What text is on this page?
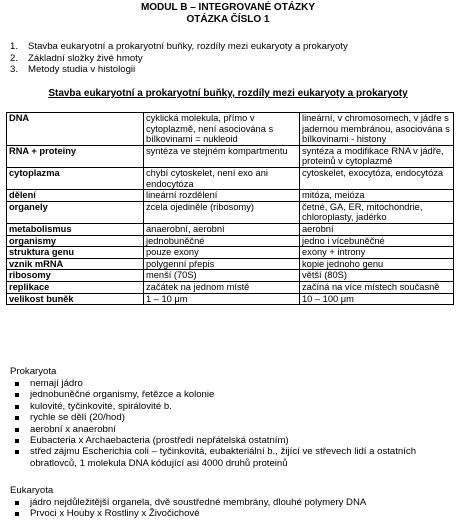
MODUL B – INTEGROVANÉ OTÁZKY
OTÁZKA ČÍSLO 1
1. Stavba eukaryotní a prokaryotní buňky, rozdíly mezi eukaryoty a prokaryoty
2. Základní složky živé hmoty
3. Metody studia v histologii
Stavba eukaryotní a prokaryotní buňky, rozdíly mezi eukaryoty a prokaryoty
DNA	cyklická molekula, přímo v cytoplazmě, není asociována s bílkovinami = nukleoid	lineární, v chromosomech, v jádře s jadernou membránou, asociována s bílkovinami - histony
RNA + proteiny	syntéza ve stejném kompartmentu	syntéza a modifikace RNA v jádře, proteinů v cytoplazmě
cytoplazma	chybí cytoskelet, není exo ani endocytóza	cytoskelet, exocytóza, endocytóza
dělení	lineární rozdělení	mitóza, meióza
organely	zcela ojediněle (ribosomy)	četné, GA, ER, mitochondrie, chloroplasty, jadérko
metabolismus	anaerobní, aerobní	aerobní
organismy	jednobuněčné	jedno i vícebuněčné
struktura genu	pouze exony	exony + introny
vznik mRNA	polygenní přepis	kopie jednoho genu
ribosomy	menší (70S)	větší (80S)
replikace	začátek na jednom místě	začíná na více místech současně
velikost buněk	1 – 10 μm	10 – 100 μm
Prokaryota
nemají jádro
jednobuněčné organismy, řetězce a kolonie
kulovité, tyčinkovité, spirálovité b.
rychle se dělí (20/hod)
aerobní x anaerobní
Eubacteria x Archaebacteria (prostředí nepřátelská ostatním)
střed zájmu Escherichia coli – tyčinkovitá, eubakteriální b., žijící ve střevech lidí a ostatních obratlovců, 1 molekula DNA kódující asi 4000 druhů proteinů
Eukaryota
jádro nejdůležitější organela, dvě soustředné membrány, dlouhé polymery DNA
Prvoci x Houby x Rostliny x Živočichové
